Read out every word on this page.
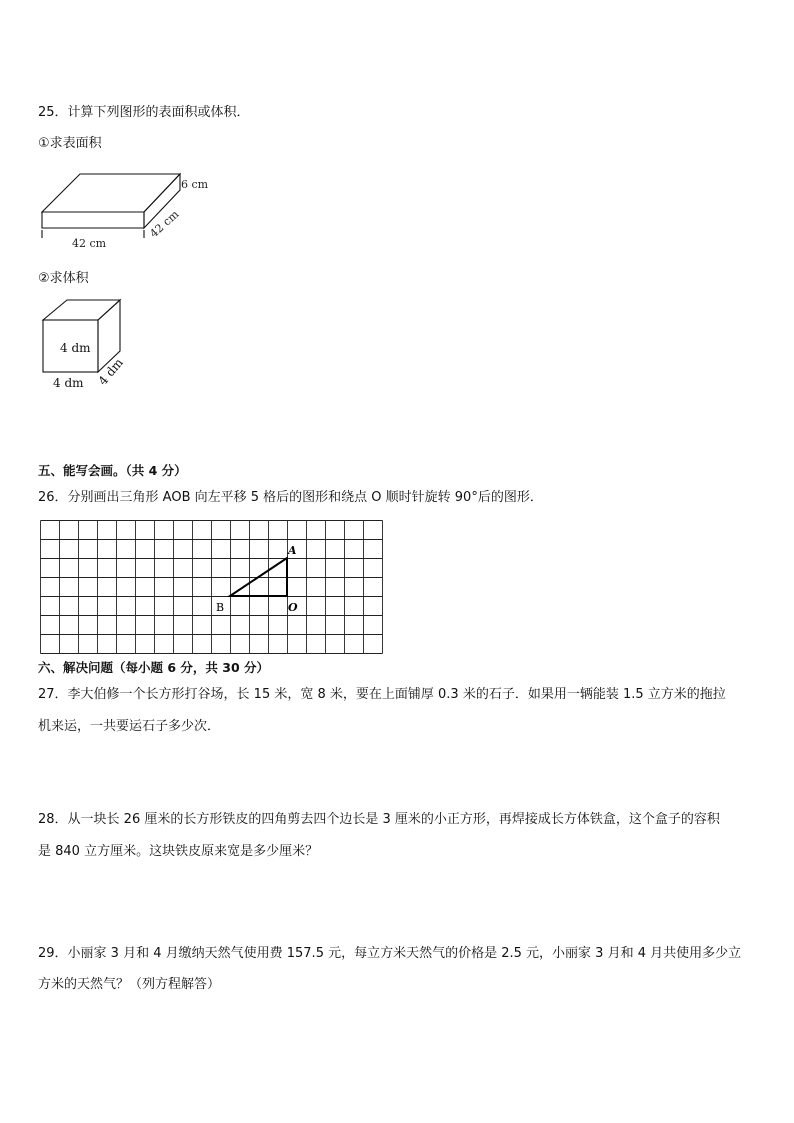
25．计算下列图形的表面积或体积．
①求表面积
6 cm
42 cm
42 cm
②求体积
4 dm
4 dm 4 dm
五、能写会画。（共 4 分）
26．分别画出三角形 AOB 向左平移 5 格后的图形和绕点 O 顺时针旋转 90°后的图形．
A
B	O
六、解决问题（每小题 6 分，共 30 分）
27．李大伯修一个长方形打谷场，长 15 米，宽 8 米，要在上面铺厚 0.3 米的石子．如果用一辆能装 1.5 立方米的拖拉
机来运，一共要运石子多少次．
28．从一块长 26 厘米的长方形铁皮的四角剪去四个边长是 3 厘米的小正方形，再焊接成长方体铁盒，这个盒子的容积
是 840 立方厘米。这块铁皮原来宽是多少厘米？
29．小丽家 3 月和 4 月缴纳天然气使用费 157.5 元，每立方米天然气的价格是 2.5 元，小丽家 3 月和 4 月共使用多少立
方米的天然气？（列方程解答）
